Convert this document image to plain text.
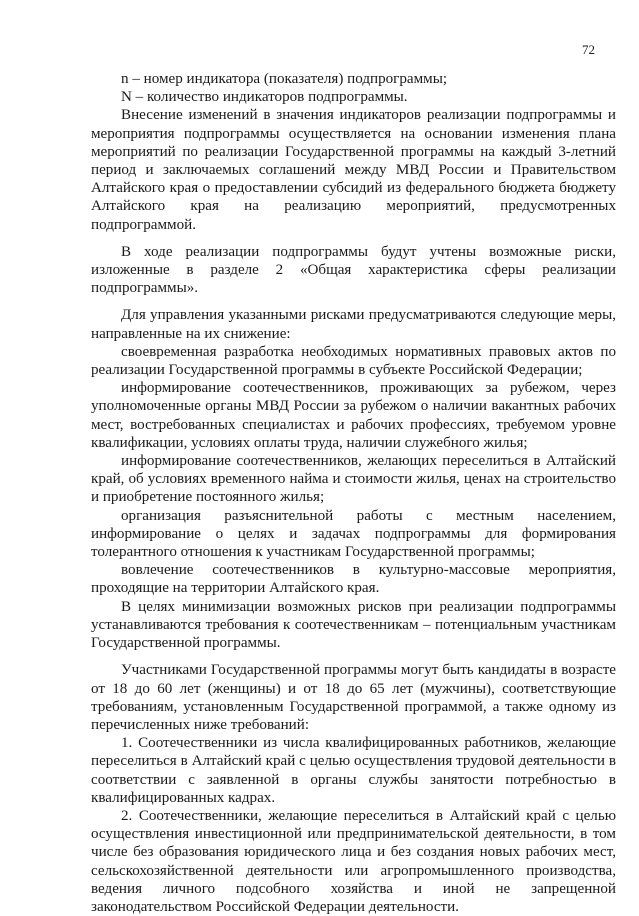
72

n – номер индикатора (показателя) подпрограммы;

N – количество индикаторов подпрограммы.

Внесение изменений в значения индикаторов реализации подпрограммы и мероприятия подпрограммы осуществляется на основании изменения плана мероприятий по реализации Государственной программы на каждый 3-летний период и заключаемых соглашений между МВД России и Правительством Алтайского края о предоставлении субсидий из федерального бюджета бюджету Алтайского края на реализацию мероприятий, предусмотренных подпрограммой.

В ходе реализации подпрограммы будут учтены возможные риски, изложенные в разделе 2 «Общая характеристика сферы реализации подпрограммы».

Для управления указанными рисками предусматриваются следующие меры, направленные на их снижение:

своевременная разработка необходимых нормативных правовых актов по реализации Государственной программы в субъекте Российской Федерации;

информирование соотечественников, проживающих за рубежом, через уполномоченные органы МВД России за рубежом о наличии вакантных рабочих мест, востребованных специалистах и рабочих профессиях, требуемом уровне квалификации, условиях оплаты труда, наличии служебного жилья;

информирование соотечественников, желающих переселиться в Алтайский край, об условиях временного найма и стоимости жилья, ценах на строительство и приобретение постоянного жилья;

организация разъяснительной работы с местным населением, информирование о целях и задачах подпрограммы для формирования толерантного отношения к участникам Государственной программы;

вовлечение соотечественников в культурно-массовые мероприятия, проходящие на территории Алтайского края.

В целях минимизации возможных рисков при реализации подпрограммы устанавливаются требования к соотечественникам – потенциальным участникам Государственной программы.

Участниками Государственной программы могут быть кандидаты в возрасте от 18 до 60 лет (женщины) и от 18 до 65 лет (мужчины), соответствующие требованиям, установленным Государственной программой, а также одному из перечисленных ниже требований:

1. Соотечественники из числа квалифицированных работников, желающие переселиться в Алтайский край с целью осуществления трудовой деятельности в соответствии с заявленной в органы службы занятости потребностью в квалифицированных кадрах.

2. Соотечественники, желающие переселиться в Алтайский край с целью осуществления инвестиционной или предпринимательской деятельности, в том числе без образования юридического лица и без создания новых рабочих мест, сельскохозяйственной деятельности или агропромышленного производства, ведения личного подсобного хозяйства и иной не запрещенной законодательством Российской Федерации деятельности.
